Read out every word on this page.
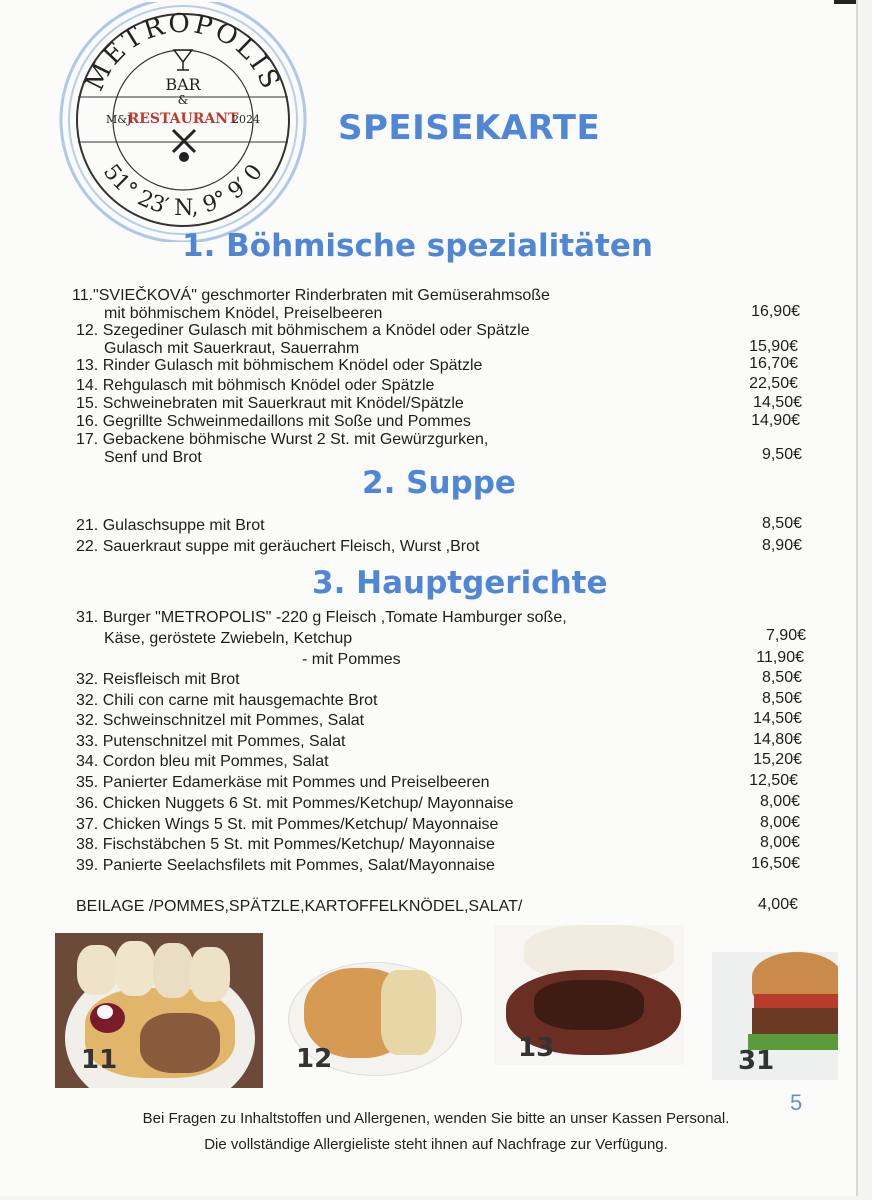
METROPOLIS
51° 23′ N, 9° 9′ 0
BAR
&
M&J
RESTAURANT
2024 SPEISEKARTE
1. Böhmische spezialitäten
2. Suppe
3. Hauptgerichte
11."SVIEČKOVÁ" geschmorter Rinderbraten mit Gemüserahmsoße
mit böhmischem Knödel, Preiselbeeren	16,90€
12. Szegediner Gulasch mit böhmischem a Knödel oder Spätzle
Gulasch mit Sauerkraut, Sauerrahm	15,90€
13. Rinder Gulasch mit böhmischem Knödel oder Spätzle	16,70€
14. Rehgulasch mit böhmisch Knödel oder Spätzle	22,50€
15. Schweinebraten mit Sauerkraut mit Knödel/Spätzle	14,50€
16. Gegrillte Schweinmedaillons mit Soße und Pommes	14,90€
17. Gebackene böhmische Wurst 2 St. mit Gewürzgurken,
Senf und Brot	9,50€
21. Gulaschsuppe mit Brot	8,50€
22. Sauerkraut suppe mit geräuchert Fleisch, Wurst ,Brot	8,90€
31. Burger "METROPOLIS" -220 g Fleisch ,Tomate Hamburger soße,
Käse, geröstete Zwiebeln, Ketchup	7,90€
- mit Pommes	11,90€
32. Reisfleisch mit Brot	8,50€
32. Chili con carne mit hausgemachte Brot	8,50€
32. Schweinschnitzel mit Pommes, Salat	14,50€
33. Putenschnitzel mit Pommes, Salat	14,80€
34. Cordon bleu mit Pommes, Salat	15,20€
35. Panierter Edamerkäse mit Pommes und Preiselbeeren	12,50€
36. Chicken Nuggets 6 St. mit Pommes/Ketchup/ Mayonnaise	8,00€
37. Chicken Wings 5 St. mit Pommes/Ketchup/ Mayonnaise	8,00€
38. Fischstäbchen 5 St. mit Pommes/Ketchup/ Mayonnaise	8,00€
39. Panierte Seelachsfilets mit Pommes, Salat/Mayonnaise	16,50€
BEILAGE /POMMES,SPÄTZLE,KARTOFFELKNÖDEL,SALAT/	4,00€
11	12	13	31
5
Bei Fragen zu Inhaltstoffen und Allergenen, wenden Sie bitte an unser Kassen Personal.
Die vollständige Allergieliste steht ihnen auf Nachfrage zur Verfügung.
